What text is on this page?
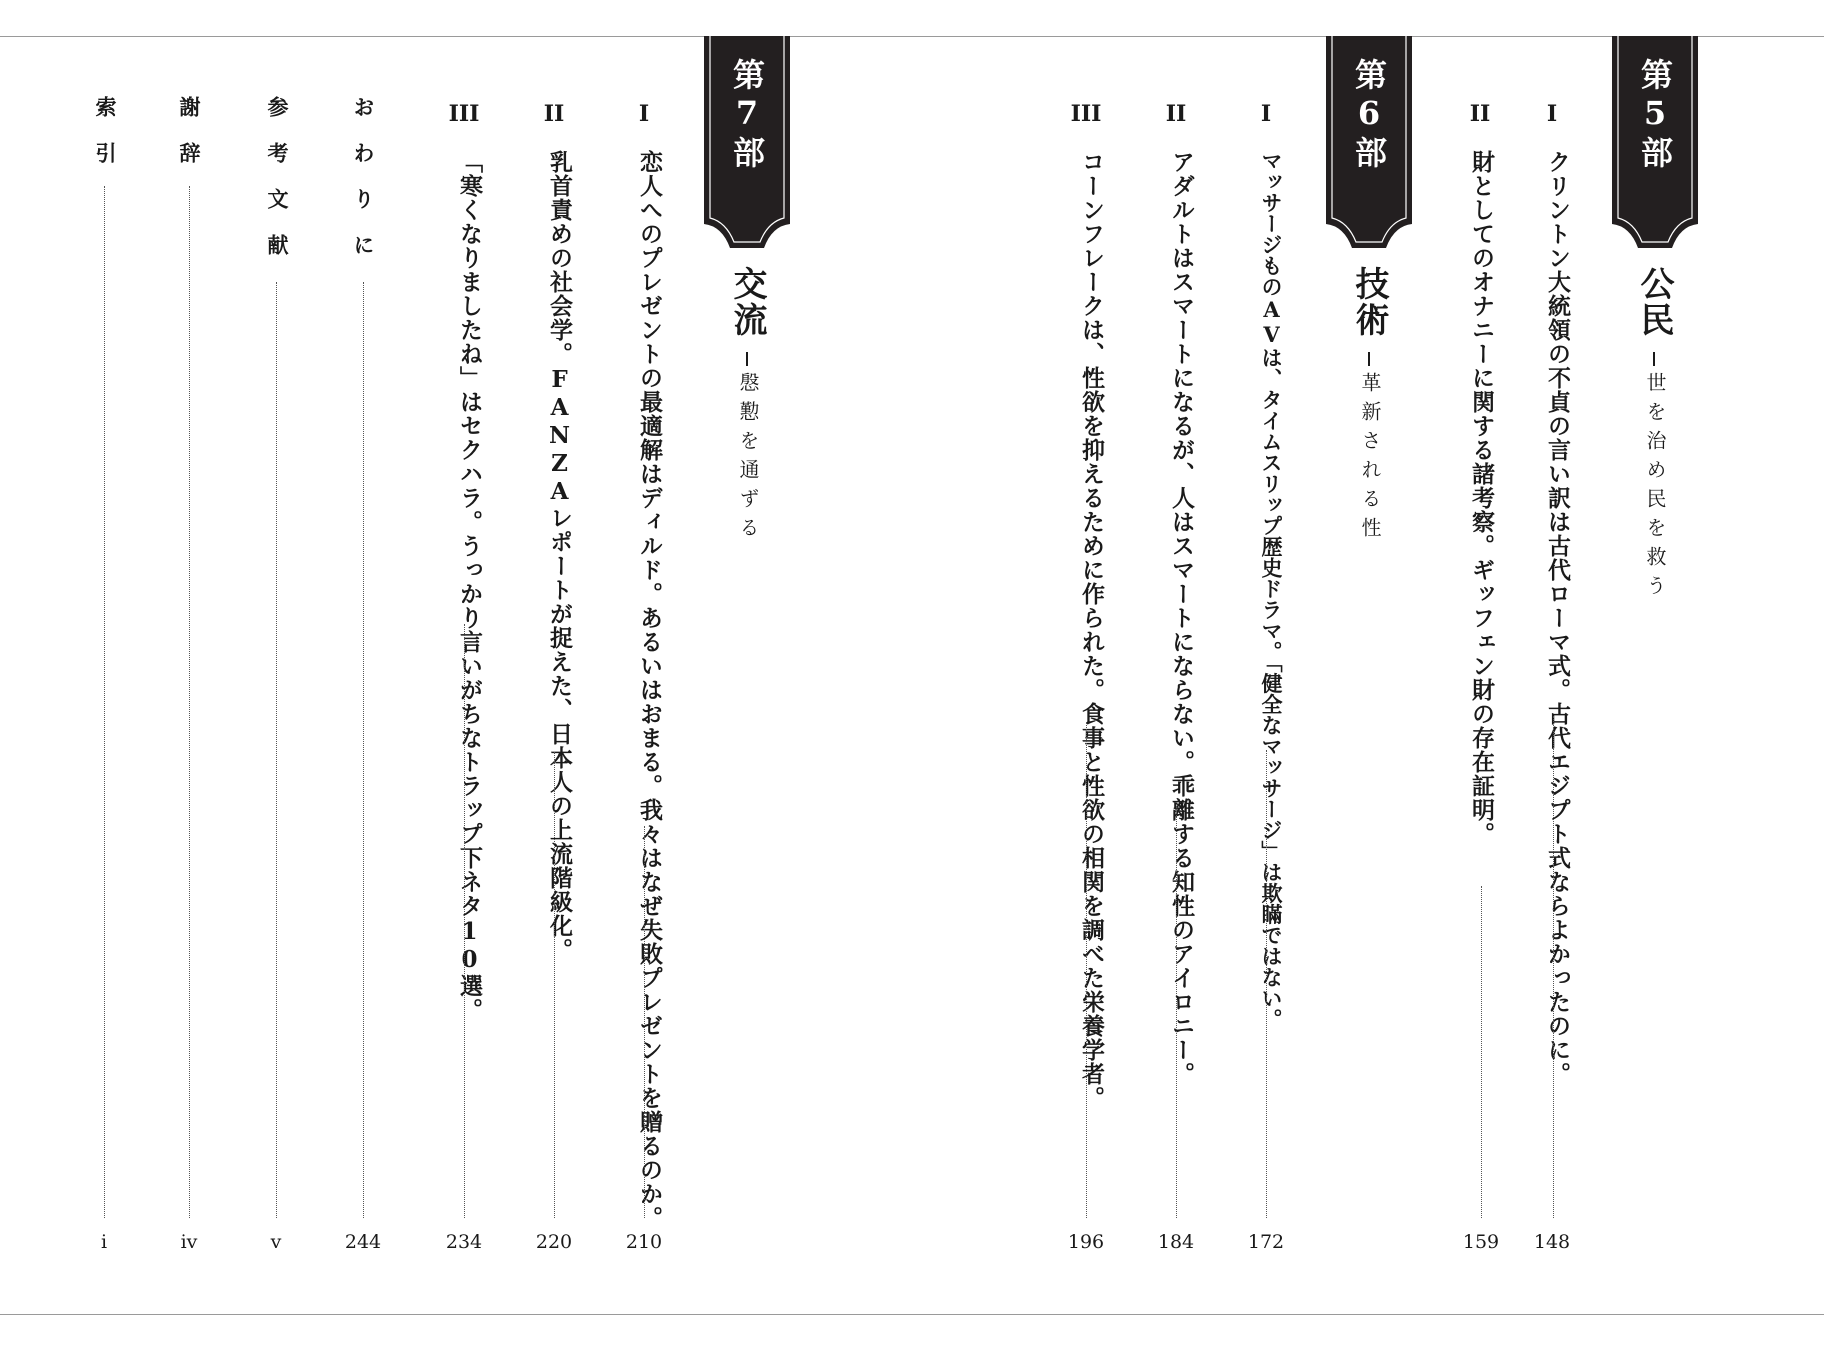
第5部
公民
世を治め民を救う
I
クリントン大統領の不貞の言い訳は古代ローマ式。古代エジプト式ならよかったのに。
148
II
財としてのオナニーに関する諸考察。ギッフェン財の存在証明。
159
第6部
技術
革新される性
I
マッサージものAVは、タイムスリップ歴史ドラマ。「健全なマッサージ」は欺瞞ではない。
172
II
アダルトはスマートになるが、人はスマートにならない。乖離する知性のアイロニー。
184
III
コーンフレークは、性欲を抑えるために作られた。食事と性欲の相関を調べた栄養学者。
196
第7部
交流
慇懃を通ずる
I
恋人へのプレゼントの最適解はディルド。あるいはおまる。我々はなぜ失敗プレゼントを贈るのか。
210
II
乳首責めの社会学。FANZAレポートが捉えた、日本人の上流階級化。
220
III
「寒くなりましたね」はセクハラ。うっかり言いがちなトラップ下ネタ10選。
234
おわりに
244
参考文献
v
謝辞
iv
索引
i
